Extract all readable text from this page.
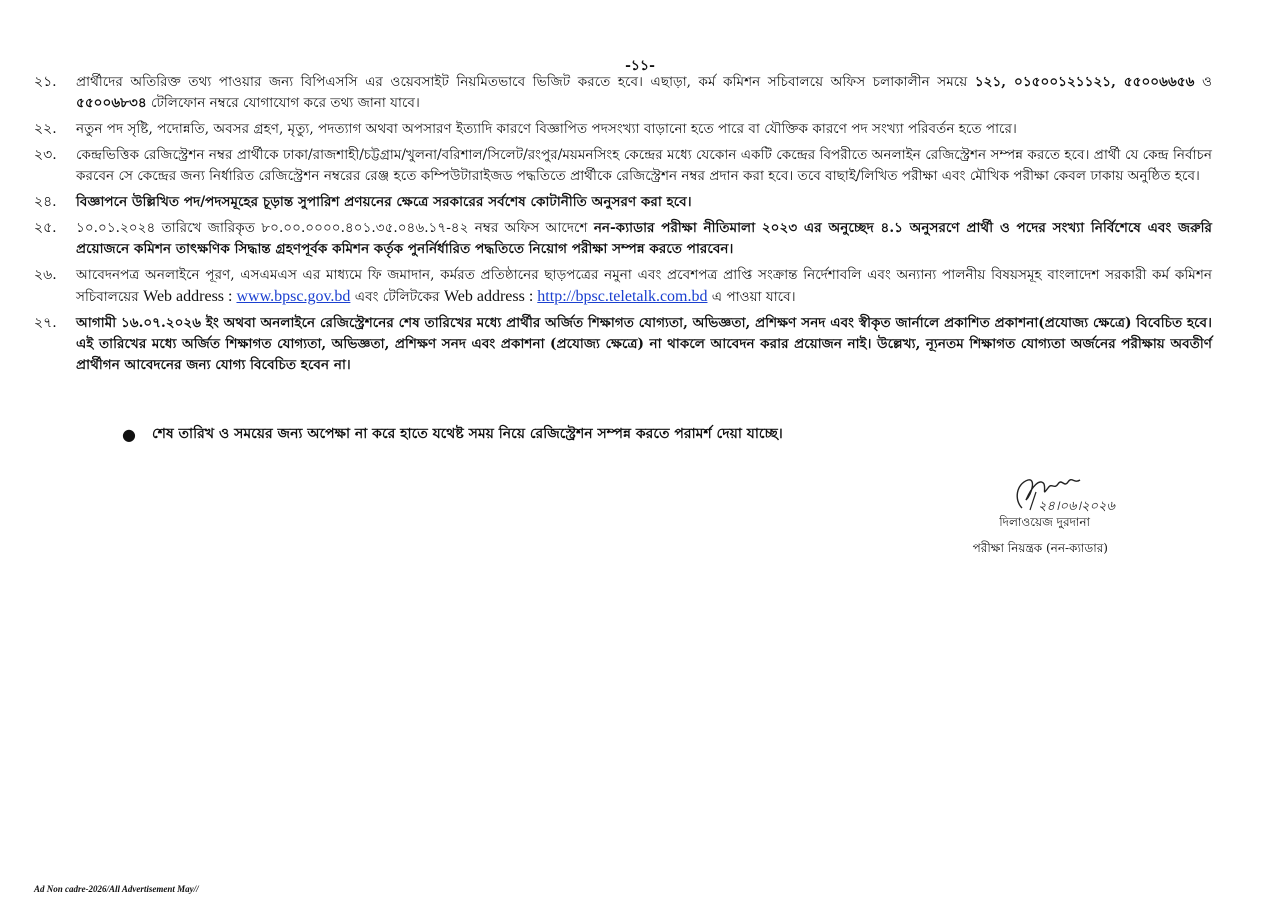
-১১-
২১.	প্রার্থীদের অতিরিক্ত তথ্য পাওয়ার জন্য বিপিএসসি এর ওয়েবসাইট নিয়মিতভাবে ভিজিট করতে হবে। এছাড়া, কর্ম কমিশন সচিবালয়ে অফিস চলাকালীন সময়ে ১২১, ০১৫০০১২১১২১, ৫৫০০৬৬৫৬ ও ৫৫০০৬৮৩৪ টেলিফোন নম্বরে যোগাযোগ করে তথ্য জানা যাবে।
২২.	নতুন পদ সৃষ্টি, পদোন্নতি, অবসর গ্রহণ, মৃত্যু, পদত্যাগ অথবা অপসারণ ইত্যাদি কারণে বিজ্ঞাপিত পদসংখ্যা বাড়ানো হতে পারে বা যৌক্তিক কারণে পদ সংখ্যা পরিবর্তন হতে পারে।
২৩.	কেন্দ্রভিত্তিক রেজিস্ট্রেশন নম্বর প্রার্থীকে ঢাকা/রাজশাহী/চট্টগ্রাম/খুলনা/বরিশাল/সিলেট/রংপুর/ময়মনসিংহ কেন্দ্রের মধ্যে যেকোন একটি কেন্দ্রের বিপরীতে অনলাইন রেজিস্ট্রেশন সম্পন্ন করতে হবে। প্রার্থী যে কেন্দ্র নির্বাচন করবেন সে কেন্দ্রের জন্য নির্ধারিত রেজিস্ট্রেশন নম্বরের রেঞ্জ হতে কম্পিউটারাইজড পদ্ধতিতে প্রার্থীকে রেজিস্ট্রেশন নম্বর প্রদান করা হবে। তবে বাছাই/লিখিত পরীক্ষা এবং মৌখিক পরীক্ষা কেবল ঢাকায় অনুষ্ঠিত হবে।
২৪.	বিজ্ঞাপনে উল্লিখিত পদ/পদসমূহের চূড়ান্ত সুপারিশ প্রণয়নের ক্ষেত্রে সরকারের সর্বশেষ কোটানীতি অনুসরণ করা হবে।
২৫.	১০.০১.২০২৪ তারিখে জারিকৃত ৮০.০০.০০০০.৪০১.৩৫.০৪৬.১৭-৪২ নম্বর অফিস আদেশে নন-ক্যাডার পরীক্ষা নীতিমালা ২০২৩ এর অনুচ্ছেদ ৪.১ অনুসরণে প্রার্থী ও পদের সংখ্যা নির্বিশেষে এবং জরুরি প্রয়োজনে কমিশন তাৎক্ষণিক সিদ্ধান্ত গ্রহণপূর্বক কমিশন কর্তৃক পুনর্নির্ধারিত পদ্ধতিতে নিয়োগ পরীক্ষা সম্পন্ন করতে পারবেন।
২৬.	আবেদনপত্র অনলাইনে পূরণ, এসএমএস এর মাধ্যমে ফি জমাদান, কর্মরত প্রতিষ্ঠানের ছাড়পত্রের নমুনা এবং প্রবেশপত্র প্রাপ্তি সংক্রান্ত নির্দেশাবলি এবং অন্যান্য পালনীয় বিষয়সমূহ বাংলাদেশ সরকারী কর্ম কমিশন সচিবালয়ের Web address : www.bpsc.gov.bd এবং টেলিটকের Web address : http://bpsc.teletalk.com.bd এ পাওয়া যাবে।
২৭.	আগামী ১৬.০৭.২০২৬ ইং অথবা অনলাইনে রেজিস্ট্রেশনের শেষ তারিখের মধ্যে প্রার্থীর অর্জিত শিক্ষাগত যোগ্যতা, অভিজ্ঞতা, প্রশিক্ষণ সনদ এবং স্বীকৃত জার্নালে প্রকাশিত প্রকাশনা(প্রযোজ্য ক্ষেত্রে) বিবেচিত হবে। এই তারিখের মধ্যে অর্জিত শিক্ষাগত যোগ্যতা, অভিজ্ঞতা, প্রশিক্ষণ সনদ এবং প্রকাশনা (প্রযোজ্য ক্ষেত্রে) না থাকলে আবেদন করার প্রয়োজন নাই। উল্লেখ্য, ন্যূনতম শিক্ষাগত যোগ্যতা অর্জনের পরীক্ষায় অবতীর্ণ প্রার্থীগন আবেদনের জন্য যোগ্য বিবেচিত হবেন না।
●	শেষ তারিখ ও সময়ের জন্য অপেক্ষা না করে হাতে যথেষ্ট সময় নিয়ে রেজিস্ট্রেশন সম্পন্ন করতে পরামর্শ দেয়া যাচ্ছে।
২৪।০৬।২০২৬
দিলাওয়েজ দুরদানা
পরীক্ষা নিয়ন্ত্রক (নন-ক্যাডার)
Ad Non cadre-2026/All Advertisement May//
